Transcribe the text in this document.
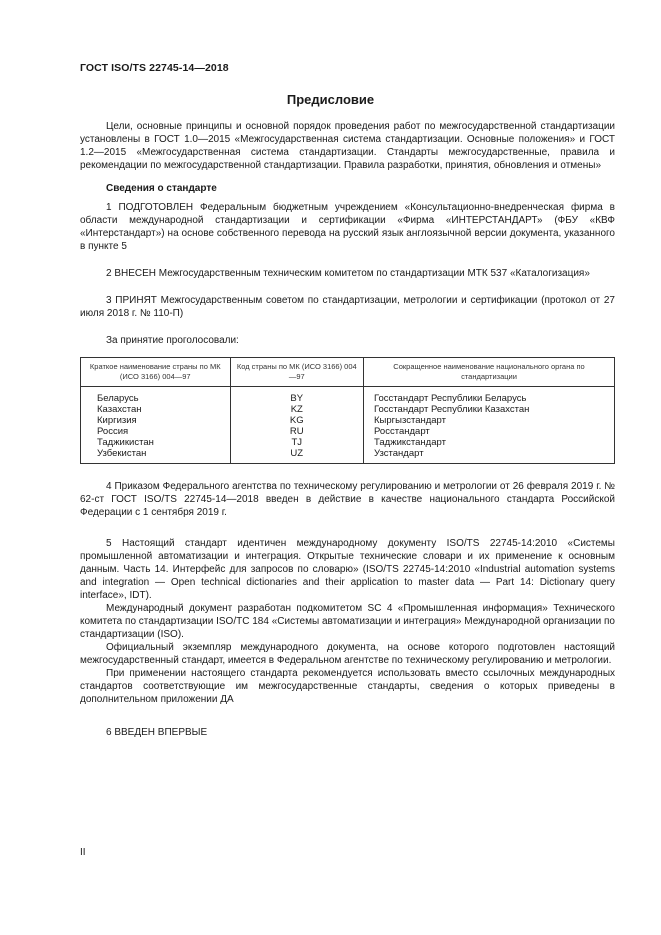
ГОСТ ISO/TS 22745-14—2018
Предисловие

Цели, основные принципы и основной порядок проведения работ по межгосударственной стандартизации установлены в ГОСТ 1.0—2015 «Межгосударственная система стандартизации. Основные положения» и ГОСТ 1.2—2015 «Межгосударственная система стандартизации. Стандарты межгосударственные, правила и рекомендации по межгосударственной стандартизации. Правила разработки, принятия, обновления и отмены»

Сведения о стандарте

1 ПОДГОТОВЛЕН Федеральным бюджетным учреждением «Консультационно-внедренческая фирма в области международной стандартизации и сертификации «Фирма «ИНТЕРСТАНДАРТ» (ФБУ «КВФ «Интерстандарт») на основе собственного перевода на русский язык англоязычной версии документа, указанного в пункте 5

2 ВНЕСЕН Межгосударственным техническим комитетом по стандартизации МТК 537 «Каталогизация»

3 ПРИНЯТ Межгосударственным советом по стандартизации, метрологии и сертификации (протокол от 27 июля 2018 г. № 110-П)

За принятие проголосовали:

Краткое наименование страны по МК (ИСО 3166) 004—97	Код страны по МК (ИСО 3166) 004—97	Сокращенное наименование национального органа по стандартизации
Беларусь	BY	Госстандарт Республики Беларусь
Казахстан	KZ	Госстандарт Республики Казахстан
Киргизия	KG	Кыргызстандарт
Россия	RU	Росстандарт
Таджикистан	TJ	Таджикстандарт
Узбекистан	UZ	Узстандарт

4 Приказом Федерального агентства по техническому регулированию и метрологии от 26 февраля 2019 г. № 62-ст ГОСТ ISO/TS 22745-14—2018 введен в действие в качестве национального стандарта Российской Федерации с 1 сентября 2019 г.

5 Настоящий стандарт идентичен международному документу ISO/TS 22745-14:2010 «Системы промышленной автоматизации и интеграция. Открытые технические словари и их применение к основным данным. Часть 14. Интерфейс для запросов по словарю» (ISO/TS 22745-14:2010 «Industrial automation systems and integration — Open technical dictionaries and their application to master data — Part 14: Dictionary query interface», IDT).

Международный документ разработан подкомитетом SC 4 «Промышленная информация» Технического комитета по стандартизации ISO/TC 184 «Системы автоматизации и интеграция» Международной организации по стандартизации (ISO).

Официальный экземпляр международного документа, на основе которого подготовлен настоящий межгосударственный стандарт, имеется в Федеральном агентстве по техническому регулированию и метрологии.

При применении настоящего стандарта рекомендуется использовать вместо ссылочных международных стандартов соответствующие им межгосударственные стандарты, сведения о которых приведены в дополнительном приложении ДА

6 ВВЕДЕН ВПЕРВЫЕ

II
